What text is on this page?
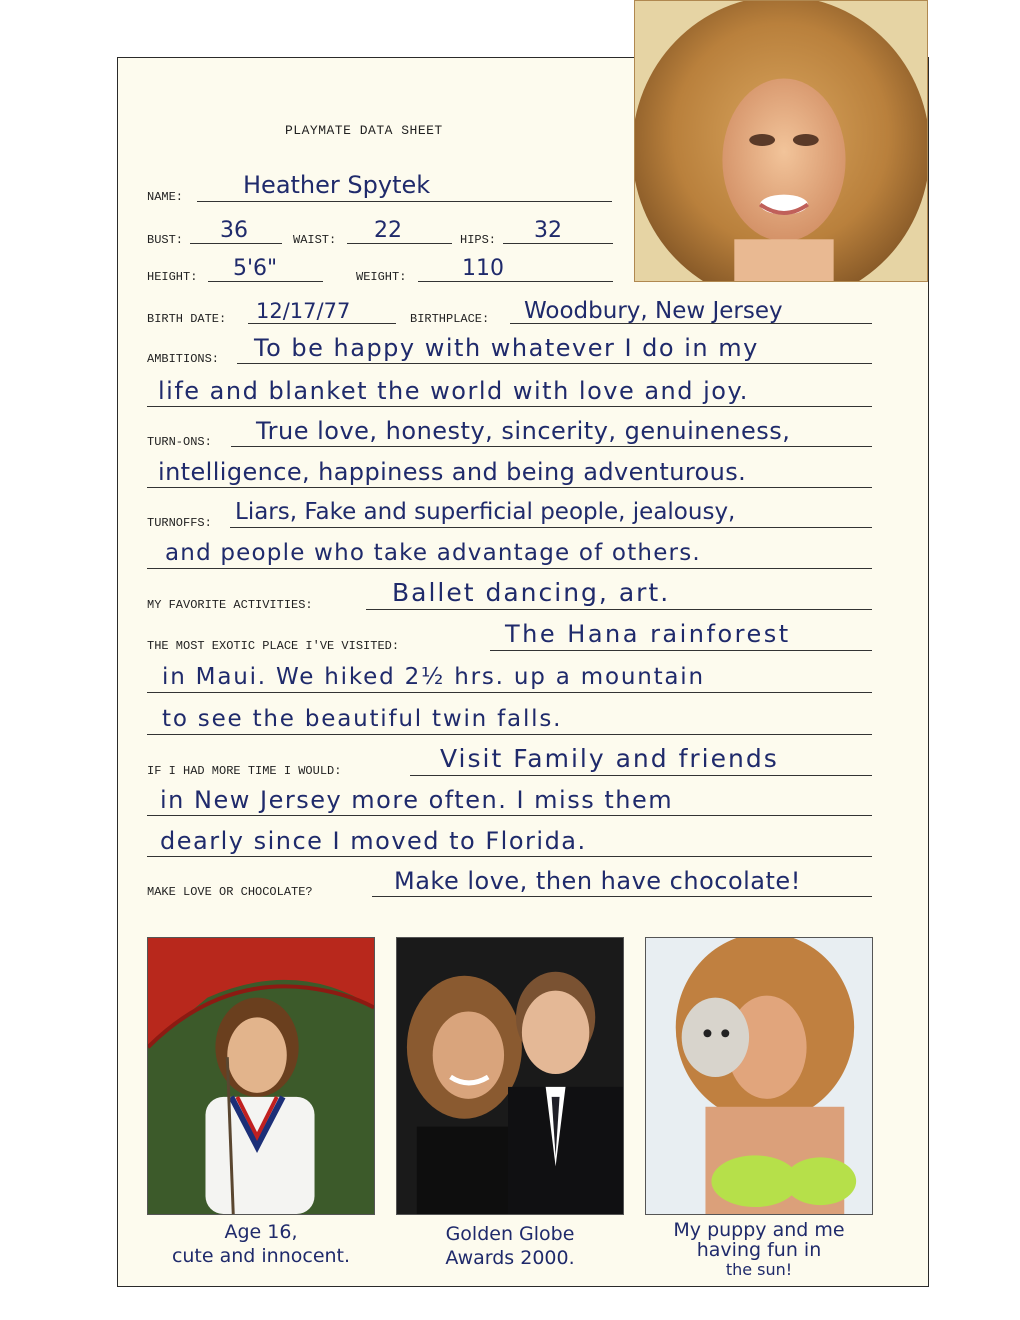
PLAYMATE DATA SHEET
NAME: Heather Spytek
BUST: 36	WAIST: 22	HIPS: 32
HEIGHT: 5'6"	WEIGHT:	110
BIRTH DATE: 12/17/77	BIRTHPLACE: Woodbury, New Jersey
AMBITIONS: To be happy with whatever I do in my
life and blanket the world with love and joy.
TURN-ONS: True love, honesty, sincerity, genuineness,
intelligence, happiness and being adventurous.
TURNOFFS: Liars, Fake and superficial people, jealousy,
and people who take advantage of others.
MY FAVORITE ACTIVITIES:	Ballet dancing, art.
THE MOST EXOTIC PLACE I'VE VISITED:	The Hana rainforest
in Maui. We hiked 2½ hrs. up a mountain
to see the beautiful twin falls.
IF I HAD MORE TIME I WOULD:	Visit Family and friends
in New Jersey more often. I miss them
dearly since I moved to Florida.
MAKE LOVE OR CHOCOLATE?	Make love, then have chocolate!
Age 16,
cute and innocent.
Golden Globe
Awards 2000.
My puppy and me
having fun in
the sun!
